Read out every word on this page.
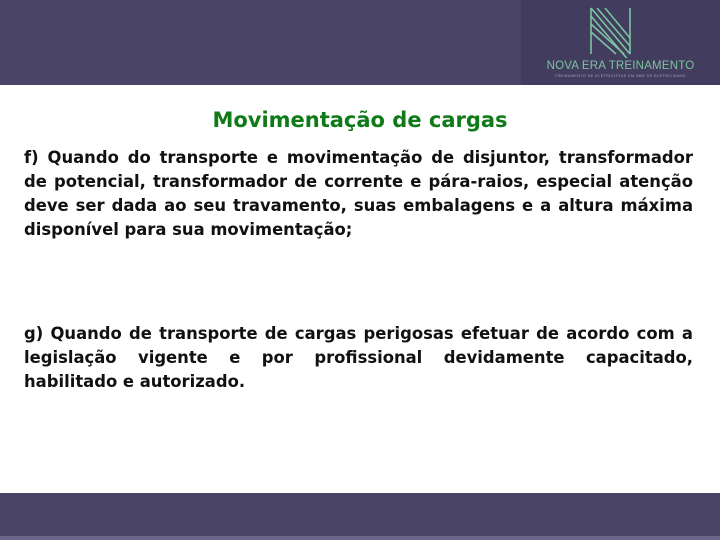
NOVA ERA TREINAMENTO
TREINAMENTO DE ELETRICISTAS EM NBR DE ELETRICIDADE
Movimentação de cargas

f) Quando do transporte e movimentação de disjuntor, transformador de potencial, transformador de corrente e pára-raios, especial atenção deve ser dada ao seu travamento, suas embalagens e a altura máxima disponível para sua movimentação;

g) Quando de transporte de cargas perigosas efetuar de acordo com a legislação vigente e por profissional devidamente capacitado, habilitado e autorizado.
